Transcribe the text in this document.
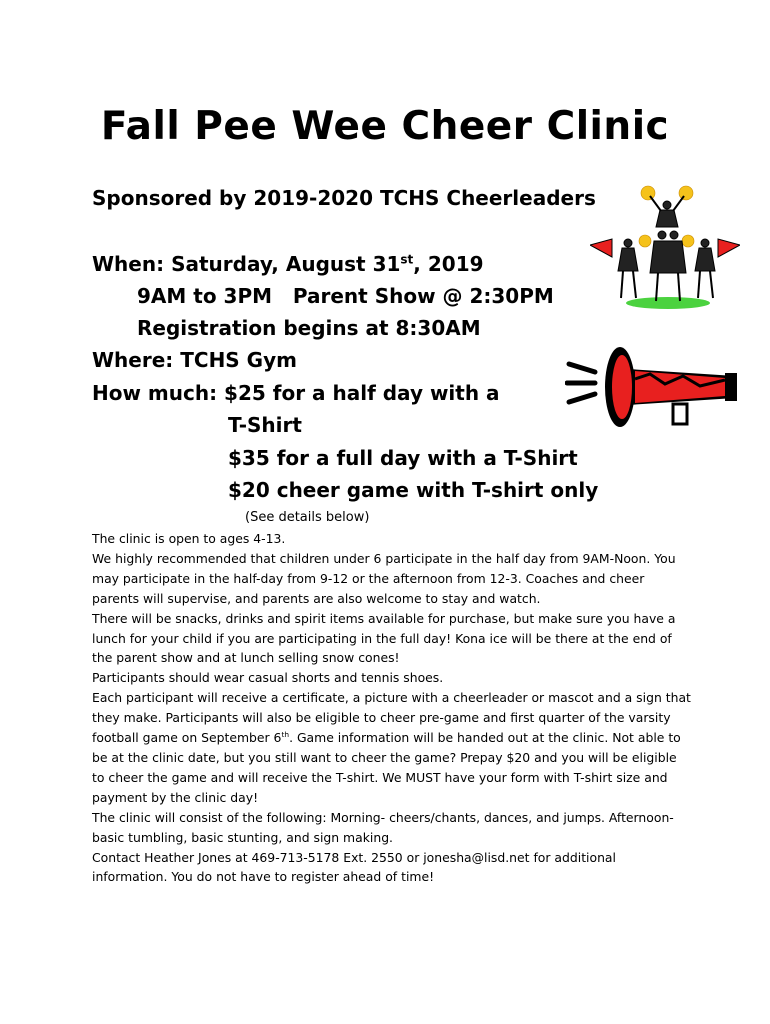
Fall Pee Wee Cheer Clinic

Sponsored by 2019-2020 TCHS Cheerleaders

When: Saturday, August 31st, 2019

9AM to 3PM   Parent Show @ 2:30PM

Registration begins at 8:30AM

Where: TCHS Gym

How much: $25 for a half day with a

T-Shirt

$35 for a full day with a T-Shirt

$20 cheer game with T-shirt only

(See details below)

The clinic is open to ages 4-13.

We highly recommended that children under 6 participate in the half day from 9AM-Noon. You may participate in the half-day from 9-12 or the afternoon from 12-3. Coaches and cheer parents will supervise, and parents are also welcome to stay and watch.

There will be snacks, drinks and spirit items available for purchase, but make sure you have a lunch for your child if you are participating in the full day! Kona ice will be there at the end of the parent show and at lunch selling snow cones!

Participants should wear casual shorts and tennis shoes.

Each participant will receive a certificate, a picture with a cheerleader or mascot and a sign that they make. Participants will also be eligible to cheer pre-game and first quarter of the varsity football game on September 6th. Game information will be handed out at the clinic. Not able to be at the clinic date, but you still want to cheer the game? Prepay $20 and you will be eligible to cheer the game and will receive the T-shirt. We MUST have your form with T-shirt size and payment by the clinic day!

The clinic will consist of the following: Morning- cheers/chants, dances, and jumps. Afternoon- basic tumbling, basic stunting, and sign making.

Contact Heather Jones at 469-713-5178 Ext. 2550 or jonesha@lisd.net for additional information. You do not have to register ahead of time!
